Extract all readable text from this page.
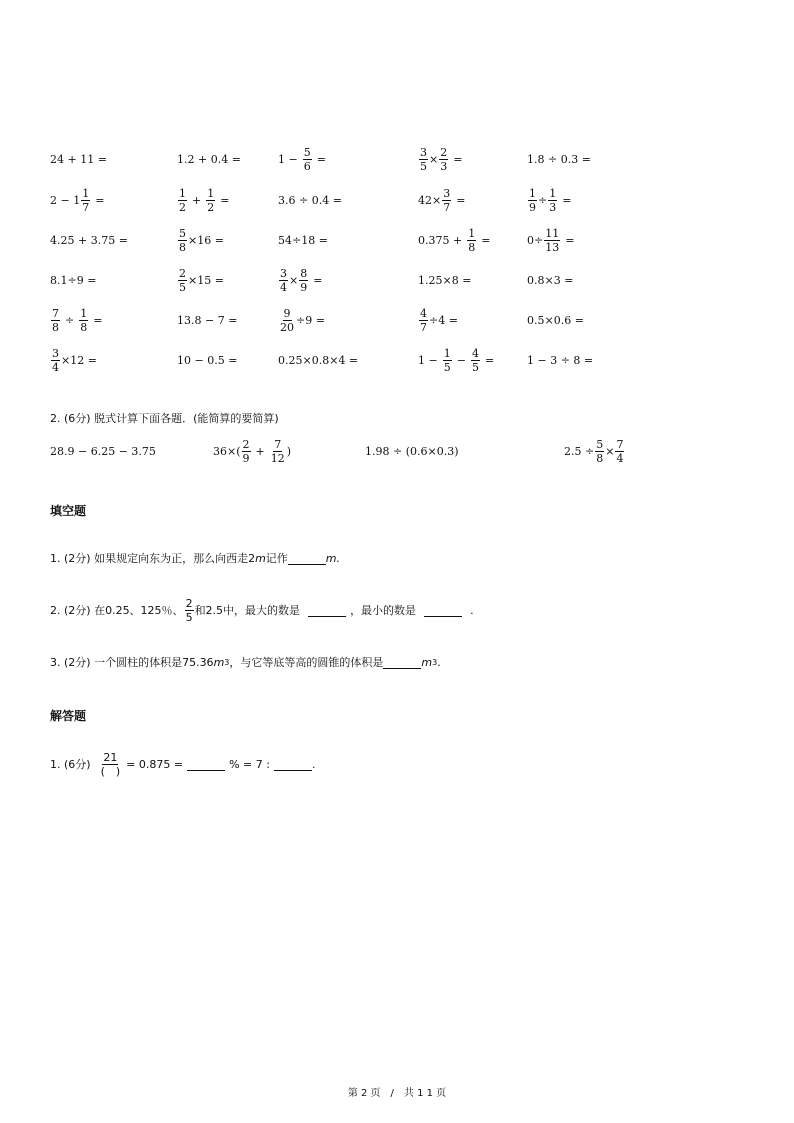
24 + 11 =	1.2 + 0.4 =	$1 - \frac{5}{6}$ =	$\frac{3}{5} \times \frac{2}{3}$ =	1.8 ÷ 0.3 =
$2 - 1 \frac{1}{7}$ =	$\frac{1}{2} + \frac{1}{2}$ =	3.6 ÷ 0.4 =	$42\times \frac{3}{7}$ =	$\frac{1}{9} \div \frac{1}{3}$ =
4.25 + 3.75 =	$\frac{5}{8} \times 16$ =	54÷18 =	$0.375 + \frac{1}{8}$ =	$0\div \frac{11}{13}$ =
8.1÷9 =	$\frac{2}{5} \times 15$ =	$\frac{3}{4} \times \frac{8}{9}$ =	1.25×8 =	0.8×3 =
$\frac{7}{8} \div \frac{1}{8}$ =	13.8 − 7 =	$\frac{9}{20} \div 9$ =	$\frac{4}{7} \div 4$ =	0.5×0.6 =
$\frac{3}{4} \times 12$ =	10 − 0.5 =	0.25×0.8×4 =	$1 - \frac{1}{5} - \frac{4}{5}$ =	1 − 3 ÷ 8 =
2. (6分) 脱式计算下面各题．(能简算的要简算)
28.9 − 6.25 − 3.75	$36\times( \frac{2}{9} + \frac{7}{12}$ )	1.98 ÷ (0.6×0.3)	$2.5 \div \frac{5}{8} \times \frac{7}{4}$
填空题
1. (2分) 如果规定向东为正，那么向西走2 m 记作	m.
2. (2分) 在0.25、125％、 $\frac{2}{5}$ 和2.5中，最大的数是	，最小的数是	.
3. (2分) 一个圆柱的体积是75.36 m 3 ，与它等底等高的圆锥的体积是	m 3 .
解答题
1. (6分) $\frac{21}{( )} = 0.875$ =	% = 7 :	.
第 2 页　/　共 1 1 页
